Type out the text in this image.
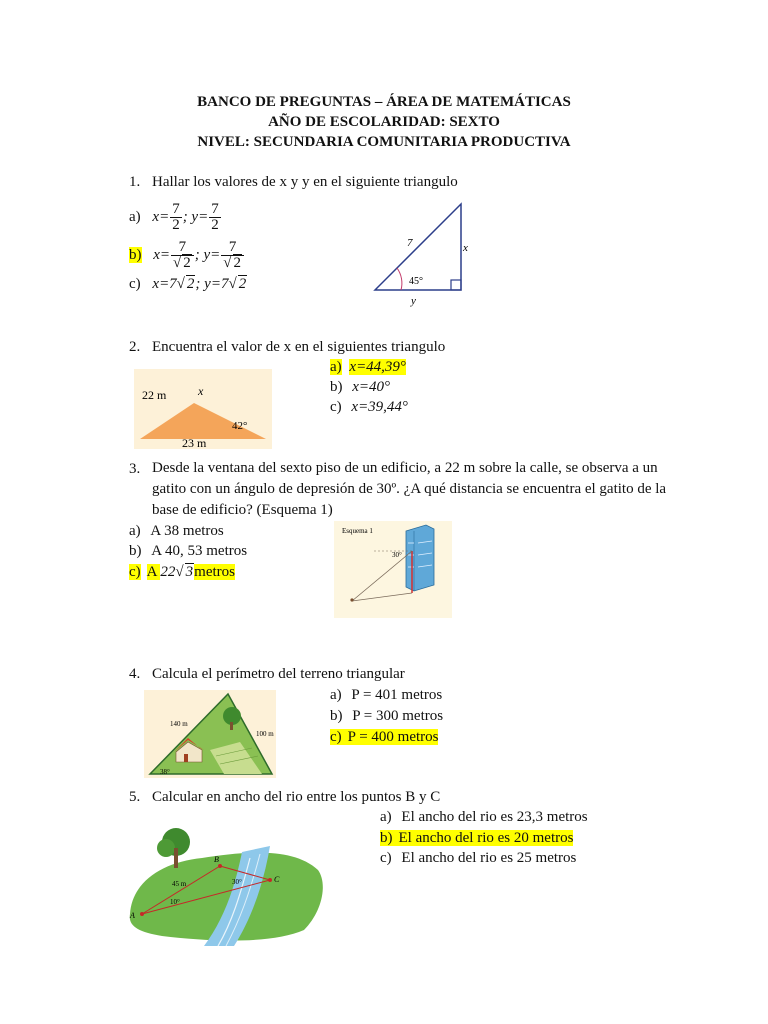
BANCO DE PREGUNTAS – ÁREA DE MATEMÁTICAS
AÑO DE ESCOLARIDAD: SEXTO
NIVEL: SECUNDARIA COMUNITARIA PRODUCTIVA
1. Hallar los valores de x y y en el siguiente triangulo
a) $x= \frac{7}{2}$ ; $y= \frac{7}{2}$
b) $x= \frac{7}{√ 2}$ ; $y= \frac{7}{√ 2}$
c) x=7√ 2; y=7√ 2
7	x
y
45°
2. Encuentra el valor de x en el siguientes triangulo
a) x=44,39°
b) x=40°
c) x=39,44°
22 m	x
42°
23 m
3. Desde la ventana del sexto piso de un edificio, a 22 m sobre la calle, se observa a un gatito con un ángulo de depresión de 30º. ¿A qué distancia se encuentra el gatito de la base de edificio? (Esquema 1)
a) A 38 metros
b) A 40, 53 metros
c) A 22√ 3metros
Esquema 1
30°
4. Calcula el perímetro del terreno triangular
a) P = 401 metros
b) P = 300 metros
c) P = 400 metros
140 m
100 m
38°
5. Calcular en ancho del rio entre los puntos B y C
a) El ancho del rio es 23,3 metros
b) El ancho del rio es 20 metros
c) El ancho del rio es 25 metros
A
B
C
45 m	30°
10°
